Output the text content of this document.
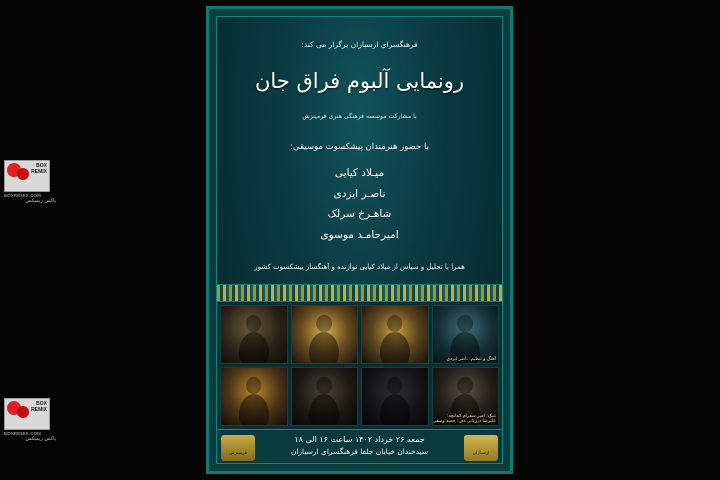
فرهنگسرای ارسباران برگزار می کند:
رونمایی آلبوم فراق جان
با مشارکت موسسه فرهنگی هنری فرمینزش
با حضور هنرمندان پیشکسوت موسیقی:
میـلاد کیایی
ناصـر ایزدی
شاهـرخ سرلک
امیرحامـد موسوی
همرا با تجلیل و سپاس از میلاد کیایی نوازنده و آهنگساز پیشکسوت کشور
آهنگ و تنظیم: ناصر ایزدی
تنبک: امیر شفرام کمانچه: علیرضا درزیانی دف: حمید وصفی
فرمینزش	ارسباران
جمعه ۲۶ خرداد ۱۴۰۲ ساعت ۱۶ الی ۱۸
سیدخندان خیابان جلفا فرهنگسرای ارسباران
BOX
REMIX
BOXREMIX.COM
باکس ریمیکس
BOX
REMIX
BOXREMIX.COM
باکس ریمیکس
